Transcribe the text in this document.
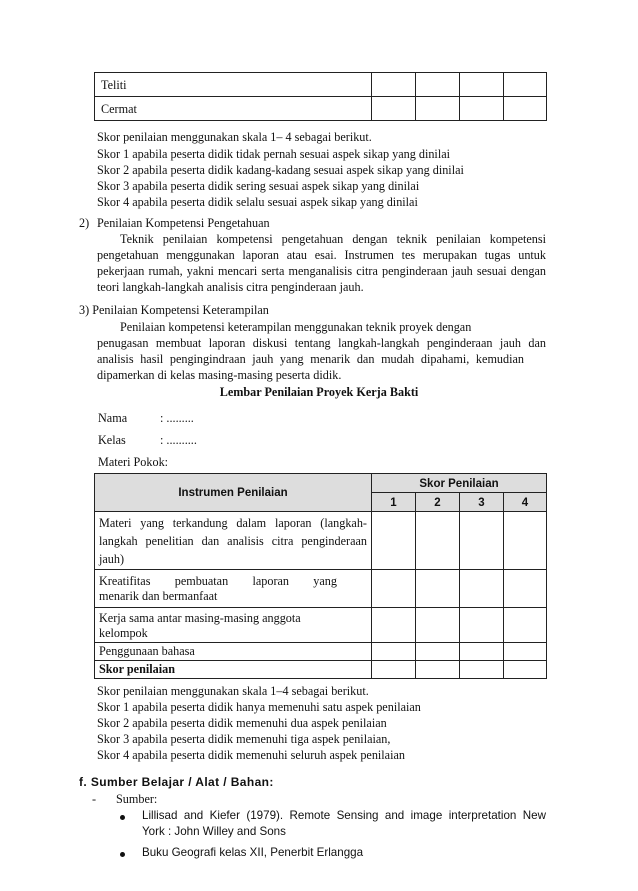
Teliti				
Cermat				
Skor penilaian menggunakan skala 1– 4 sebagai berikut.
Skor 1 apabila peserta didik tidak pernah sesuai aspek sikap yang dinilai
Skor 2 apabila peserta didik kadang-kadang sesuai aspek sikap yang dinilai
Skor 3 apabila peserta didik sering sesuai aspek sikap yang dinilai
Skor 4 apabila peserta didik selalu sesuai aspek sikap yang dinilai
2) Penilaian Kompetensi Pengetahuan
Teknik penilaian kompetensi pengetahuan dengan teknik penilaian kompetensi
pengetahuan menggunakan laporan atau esai. Instrumen tes merupakan tugas untuk
pekerjaan rumah, yakni mencari serta menganalisis citra penginderaan jauh sesuai dengan
teori langkah-langkah analisis citra penginderaan jauh.
3) Penilaian Kompetensi Keterampilan
Penilaian kompetensi keterampilan menggunakan teknik proyek dengan
penugasan membuat laporan diskusi tentang langkah-langkah penginderaan jauh dan
analisis hasil pengingindraan jauh yang menarik dan mudah dipahami, kemudian
dipamerkan di kelas masing-masing peserta didik.
Lembar Penilaian Proyek Kerja Bakti
Nama	: .........
Kelas	: ..........
Materi Pokok:
Instrumen Penilaian	Skor Penilaian			
	1	2	3	4

Materi yang terkandung dalam laporan (langkah-
langkah penelitian dan analisis citra penginderaan
jauh)				

Kreatifitas pembuatan laporan yang
menarik dan bermanfaat				

Kerja sama antar masing-masing anggota
kelompok				

Penggunaan bahasa				
Skor penilaian				
Skor penilaian menggunakan skala 1–4 sebagai berikut.
Skor 1 apabila peserta didik hanya memenuhi satu aspek penilaian
Skor 2 apabila peserta didik memenuhi dua aspek penilaian
Skor 3 apabila peserta didik memenuhi tiga aspek penilaian,
Skor 4 apabila peserta didik memenuhi seluruh aspek penilaian
f. Sumber Belajar / Alat / Bahan:
- Sumber:
Lillisad and Kiefer (1979). Remote Sensing and image interpretation New
York : John Willey and Sons
Buku Geografi kelas XII, Penerbit Erlangga
